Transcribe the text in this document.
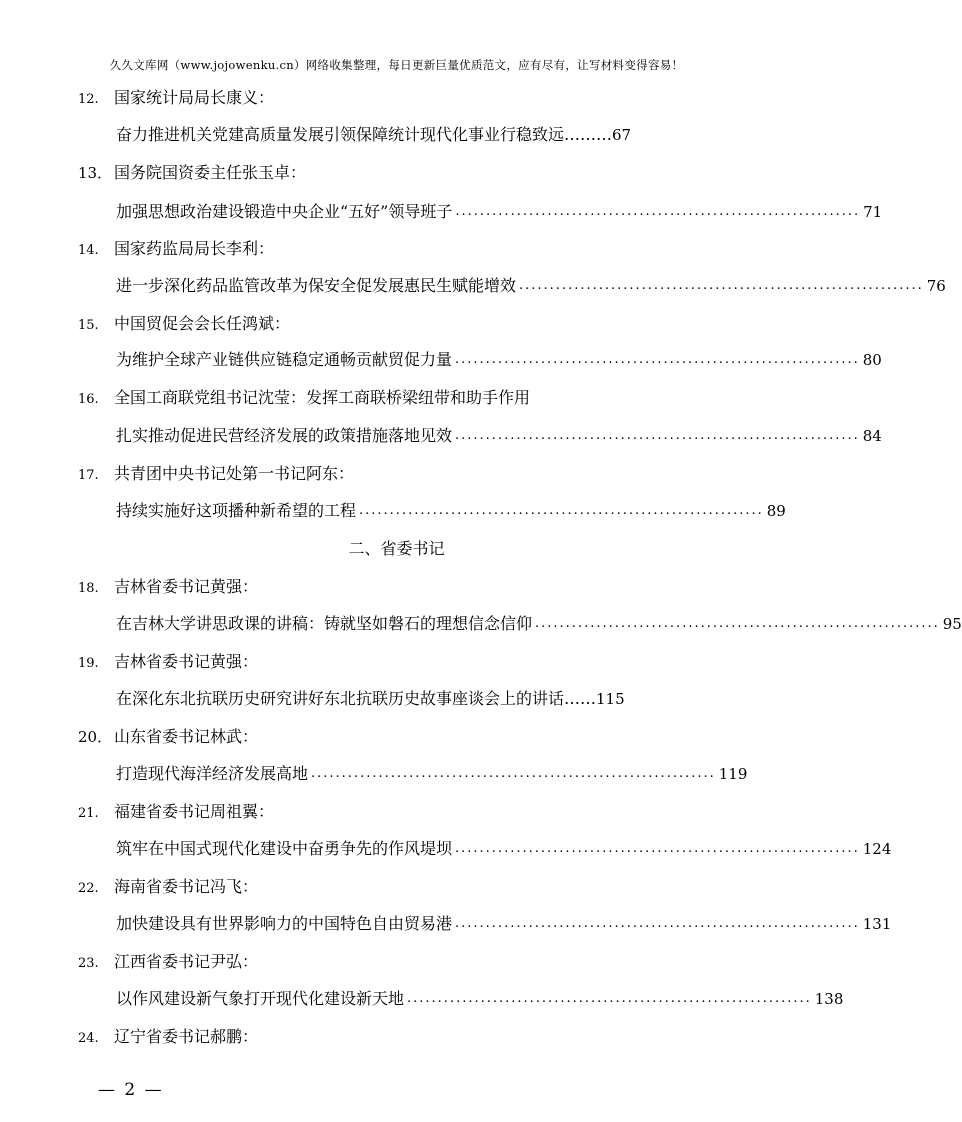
久久文库网（www.jojowenku.cn）网络收集整理，每日更新巨量优质范文，应有尽有，让写材料变得容易！
12. 国家统计局局长康义：
奋力推进机关党建高质量发展引领保障统计现代化事业行稳致远……… 67
13． 国务院国资委主任张玉卓：
加强思想政治建设锻造中央企业“五好”领导班子 .................................................................. 71
14. 国家药监局局长李利：
进一步深化药品监管改革为保安全促发展惠民生赋能增效 .................................................................. 76
15. 中国贸促会会长任鸿斌：
为维护全球产业链供应链稳定通畅贡献贸促力量 .................................................................. 80
16. 全国工商联党组书记沈莹：发挥工商联桥梁纽带和助手作用
扎实推动促进民营经济发展的政策措施落地见效 .................................................................. 84
17. 共青团中央书记处第一书记阿东：
持续实施好这项播种新希望的工程 .................................................................. 89
二、省委书记
18. 吉林省委书记黄强：
在吉林大学讲思政课的讲稿：铸就坚如磐石的理想信念信仰 .................................................................. 95
19. 吉林省委书记黄强：
在深化东北抗联历史研究讲好东北抗联历史故事座谈会上的讲话…… 115
20． 山东省委书记林武：
打造现代海洋经济发展高地 .................................................................. 119
21. 福建省委书记周祖翼：
筑牢在中国式现代化建设中奋勇争先的作风堤坝 .................................................................. 124
22. 海南省委书记冯飞：
加快建设具有世界影响力的中国特色自由贸易港 .................................................................. 131
23. 江西省委书记尹弘：
以作风建设新气象打开现代化建设新天地 .................................................................. 138
24. 辽宁省委书记郝鹏：
— 2 —
